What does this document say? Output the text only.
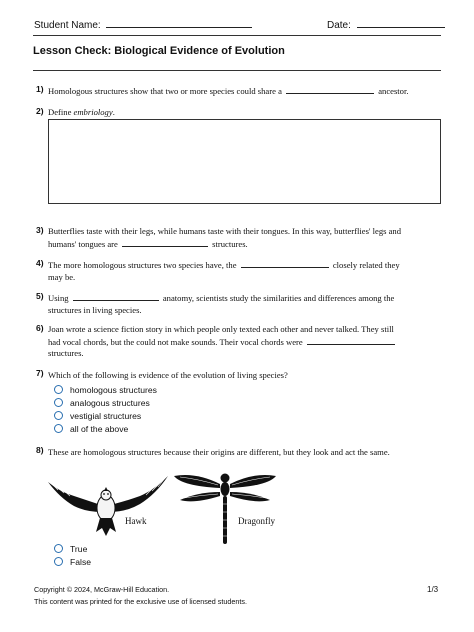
Student Name:	Date:
Lesson Check: Biological Evidence of Evolution
1) Homologous structures show that two or more species could share a	ancestor.
2) Define embriology.
3) Butterflies taste with their legs, while humans taste with their tongues. In this way, butterflies' legs and
humans' tongues are	structures.
4) The more homologous structures two species have, the	closely related they
may be.
5) Using	anatomy, scientists study the similarities and differences among the
structures in living species.
6) Joan wrote a science fiction story in which people only texted each other and never talked. They still
had vocal chords, but the could not make sounds. Their vocal chords were
structures.
7) Which of the following is evidence of the evolution of living species?
homologous structures
analogous structures
vestigial structures
all of the above
8) These are homologous structures because their origins are different, but they look and act the same.
Hawk	Dragonfly
True
False
Copyright © 2024, McGraw-Hill Education.
This content was printed for the exclusive use of licensed students.
1/3
